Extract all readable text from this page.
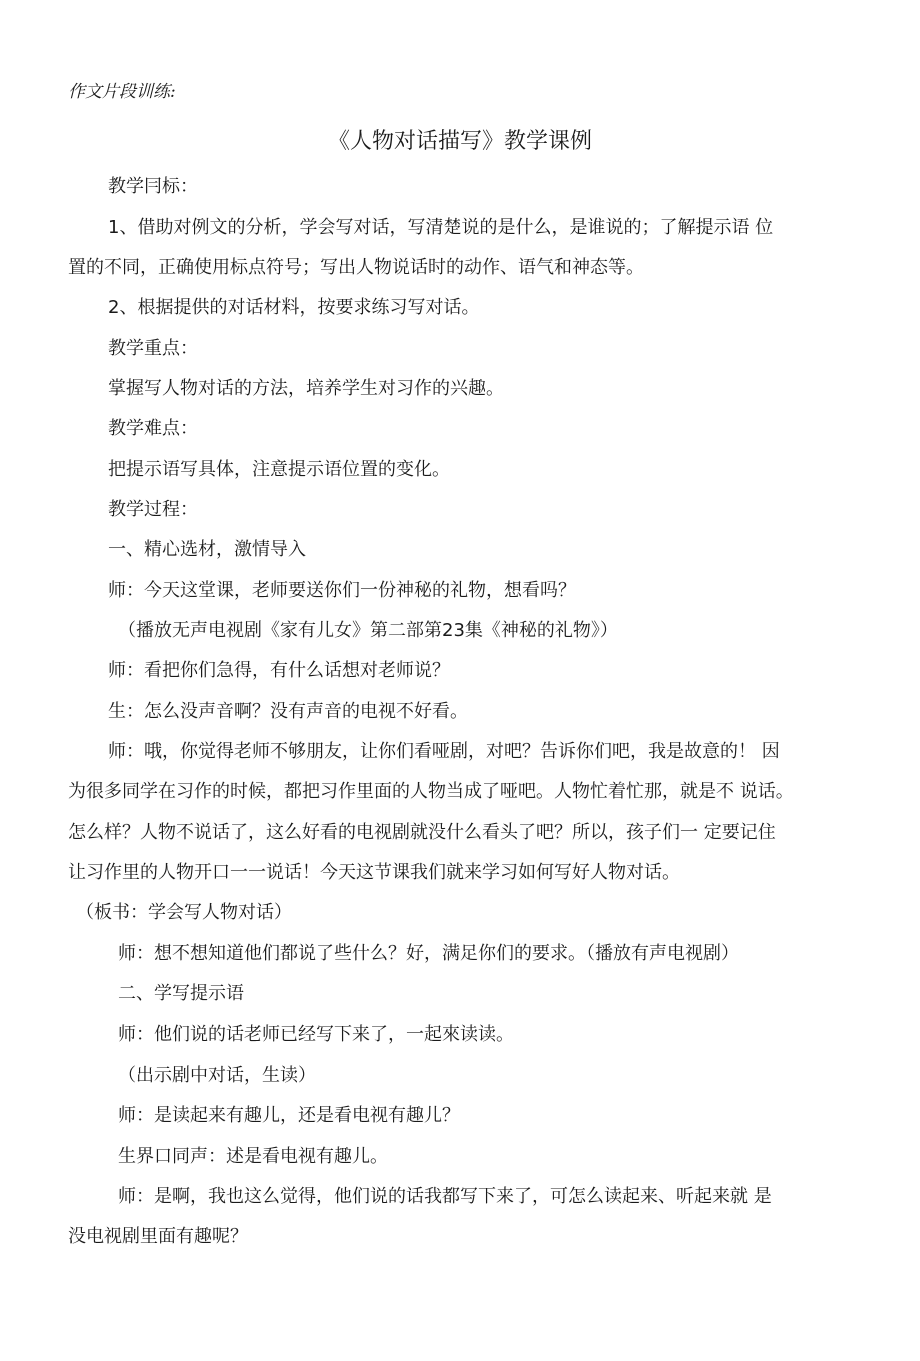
作文片段训练:
《人物对话描写》教学课例
教学冃标：
1、借助对例文的分析，学会写对话，写清楚说的是什么，是谁说的；了解提示语 位
置的不同，正确使用标点符号；写出人物说话时的动作、语气和神态等。
2、根据提供的对话材料，按要求练习写对话。
教学重点：
掌握写人物对话的方法，培养学生对习作的兴趣。
教学难点：
把提示语写具体，注意提示语位置的变化。
教学过程：
一、精心选材，激情导入
师：今天这堂课，老师要送你们一份神秘的礼物，想看吗？
（播放无声电视剧《家有儿女》第二部第23集《神秘的礼物》）
师：看把你们急得，有什么话想对老师说？
生：怎么没声音啊？没有声音的电视不好看。
师：哦，你觉得老师不够朋友，让你们看哑剧，对吧？告诉你们吧，我是故意的！ 因
为很多同学在习作的时候，都把习作里面的人物当成了哑吧。人物忙着忙那，就是不 说话。
怎么样？人物不说话了，这么好看的电视剧就没什么看头了吧？所以，孩子们一 定要记住
让习作里的人物开口一一说话！今天这节课我们就来学习如何写好人物对话。
（板书：学会写人物对话）
师：想不想知道他们都说了些什么？好，满足你们的要求。（播放有声电视剧）
二、学写提示语
师：他们说的话老师已经写下来了，一起來读读。
（出示剧中对话，生读）
师：是读起来有趣儿，还是看电视有趣儿？
生界口同声：述是看电视有趣儿。
师：是啊，我也这么觉得，他们说的话我都写下来了，可怎么读起来、听起来就 是
没电视剧里面有趣呢？
